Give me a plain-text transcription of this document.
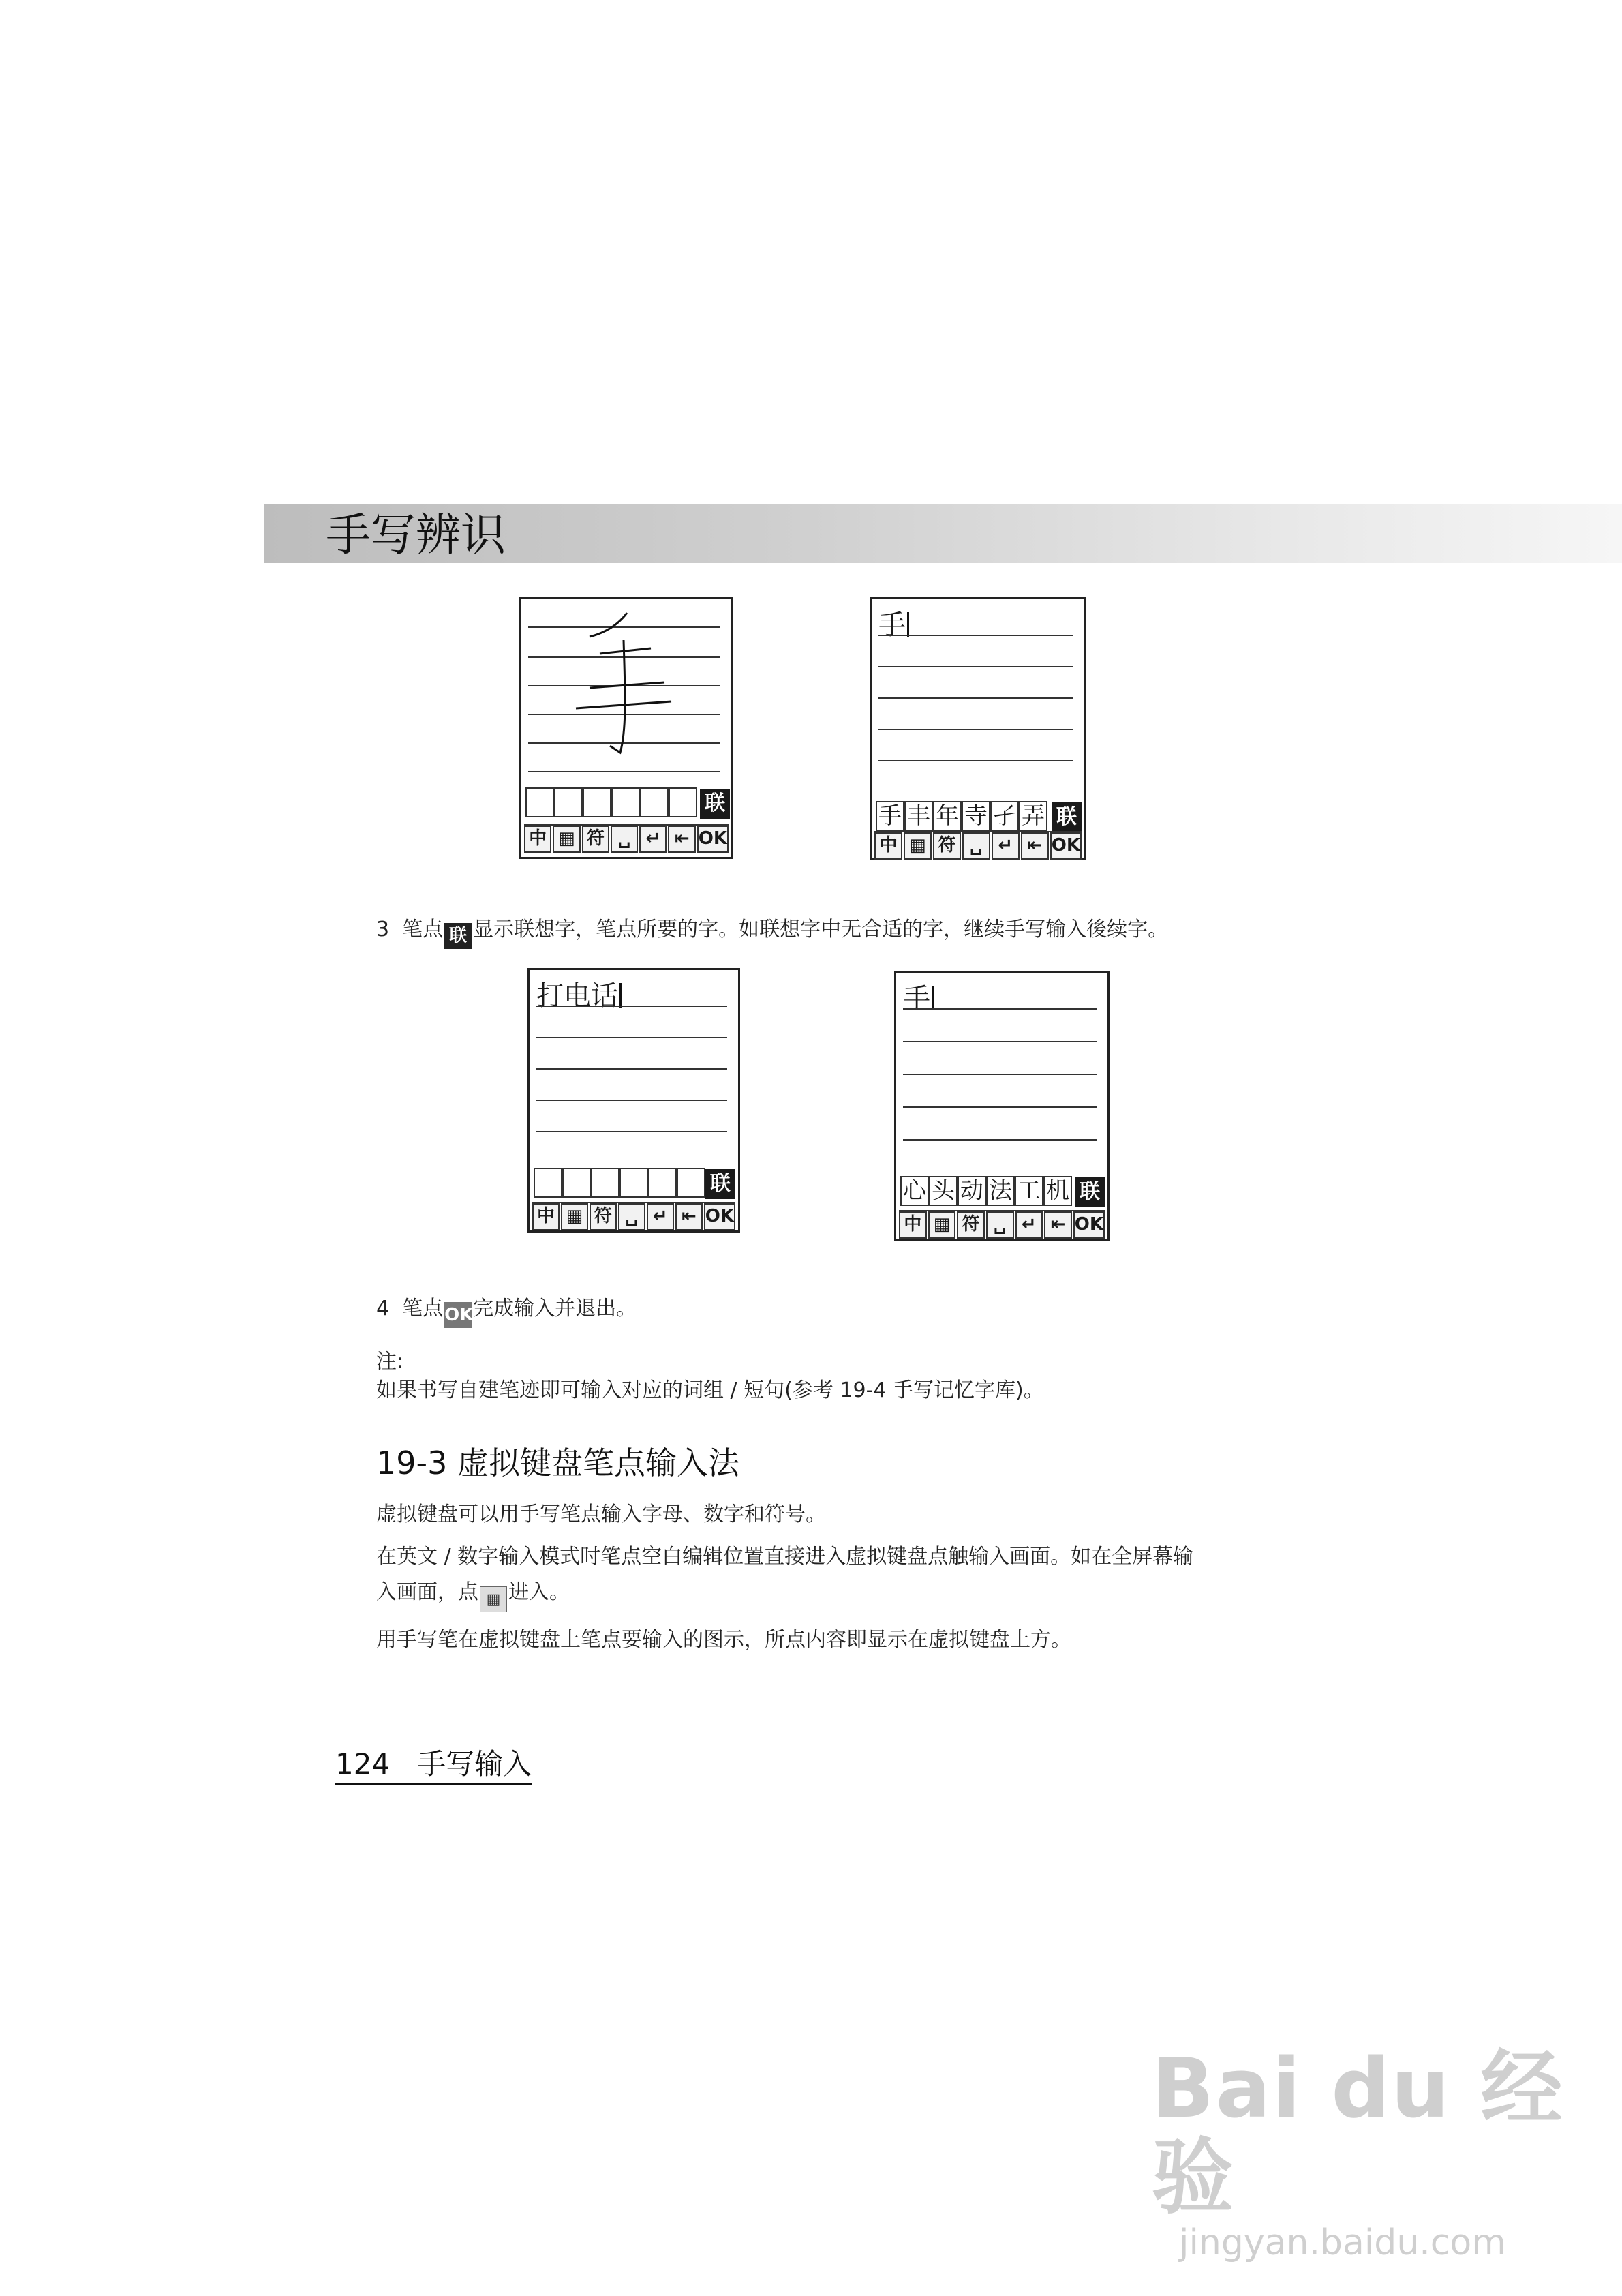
手写辨识
联
中 ▦ 符 ␣ ↵ ⇤ OK
手
手 丰 年 寺 孑 弄 联
中 ▦ 符 ␣ ↵ ⇤ OK
3 笔点 联 显示联想字，笔点所要的字。如联想字中无合适的字，继续手写输入後续字。
打电话
联
中 ▦ 符 ␣ ↵ ⇤ OK
手
心 头 动 法 工 机 联
中 ▦ 符 ␣ ↵ ⇤ OK
4 笔点OK完成输入并退出。
注:
如果书写自建笔迹即可输入对应的词组 / 短句(参考 19-4 手写记忆字库)。
19-3 虚拟键盘笔点输入法
虚拟键盘可以用手写笔点输入字母、数字和符号。
在英文 / 数字输入模式时笔点空白编辑位置直接进入虚拟键盘点触输入画面。如在全屏幕输
入画面，点 ▦ 进入。
用手写笔在虚拟键盘上笔点要输入的图示，所点内容即显示在虚拟键盘上方。
124 手写输入
Bai du 经验
jingyan.baidu.com
